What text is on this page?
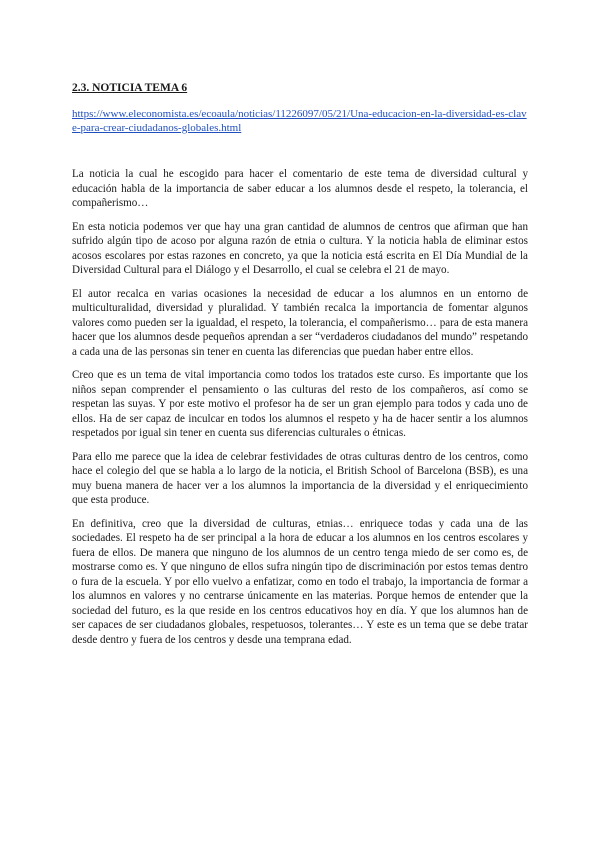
2.3. NOTICIA TEMA 6
https://www.eleconomista.es/ecoaula/noticias/11226097/05/21/Una-educacion-en-la-diversidad-es-clave-para-crear-ciudadanos-globales.html

La noticia la cual he escogido para hacer el comentario de este tema de diversidad cultural y educación habla de la importancia de saber educar a los alumnos desde el respeto, la tolerancia, el compañerismo…

En esta noticia podemos ver que hay una gran cantidad de alumnos de centros que afirman que han sufrido algún tipo de acoso por alguna razón de etnia o cultura. Y la noticia habla de eliminar estos acosos escolares por estas razones en concreto, ya que la noticia está escrita en El Día Mundial de la Diversidad Cultural para el Diálogo y el Desarrollo, el cual se celebra el 21 de mayo.

El autor recalca en varias ocasiones la necesidad de educar a los alumnos en un entorno de multiculturalidad, diversidad y pluralidad. Y también recalca la importancia de fomentar algunos valores como pueden ser la igualdad, el respeto, la tolerancia, el compañerismo… para de esta manera hacer que los alumnos desde pequeños aprendan a ser “verdaderos ciudadanos del mundo” respetando a cada una de las personas sin tener en cuenta las diferencias que puedan haber entre ellos.

Creo que es un tema de vital importancia como todos los tratados este curso. Es importante que los niños sepan comprender el pensamiento o las culturas del resto de los compañeros, así como se respetan las suyas. Y por este motivo el profesor ha de ser un gran ejemplo para todos y cada uno de ellos. Ha de ser capaz de inculcar en todos los alumnos el respeto y ha de hacer sentir a los alumnos respetados por igual sin tener en cuenta sus diferencias culturales o étnicas.

Para ello me parece que la idea de celebrar festividades de otras culturas dentro de los centros, como hace el colegio del que se habla a lo largo de la noticia, el British School of Barcelona (BSB), es una muy buena manera de hacer ver a los alumnos la importancia de la diversidad y el enriquecimiento que esta produce.

En definitiva, creo que la diversidad de culturas, etnias… enriquece todas y cada una de las sociedades. El respeto ha de ser principal a la hora de educar a los alumnos en los centros escolares y fuera de ellos. De manera que ninguno de los alumnos de un centro tenga miedo de ser como es, de mostrarse como es. Y que ninguno de ellos sufra ningún tipo de discriminación por estos temas dentro o fura de la escuela. Y por ello vuelvo a enfatizar, como en todo el trabajo, la importancia de formar a los alumnos en valores y no centrarse únicamente en las materias. Porque hemos de entender que la sociedad del futuro, es la que reside en los centros educativos hoy en día. Y que los alumnos han de ser capaces de ser ciudadanos globales, respetuosos, tolerantes… Y este es un tema que se debe tratar desde dentro y fuera de los centros y desde una temprana edad.
